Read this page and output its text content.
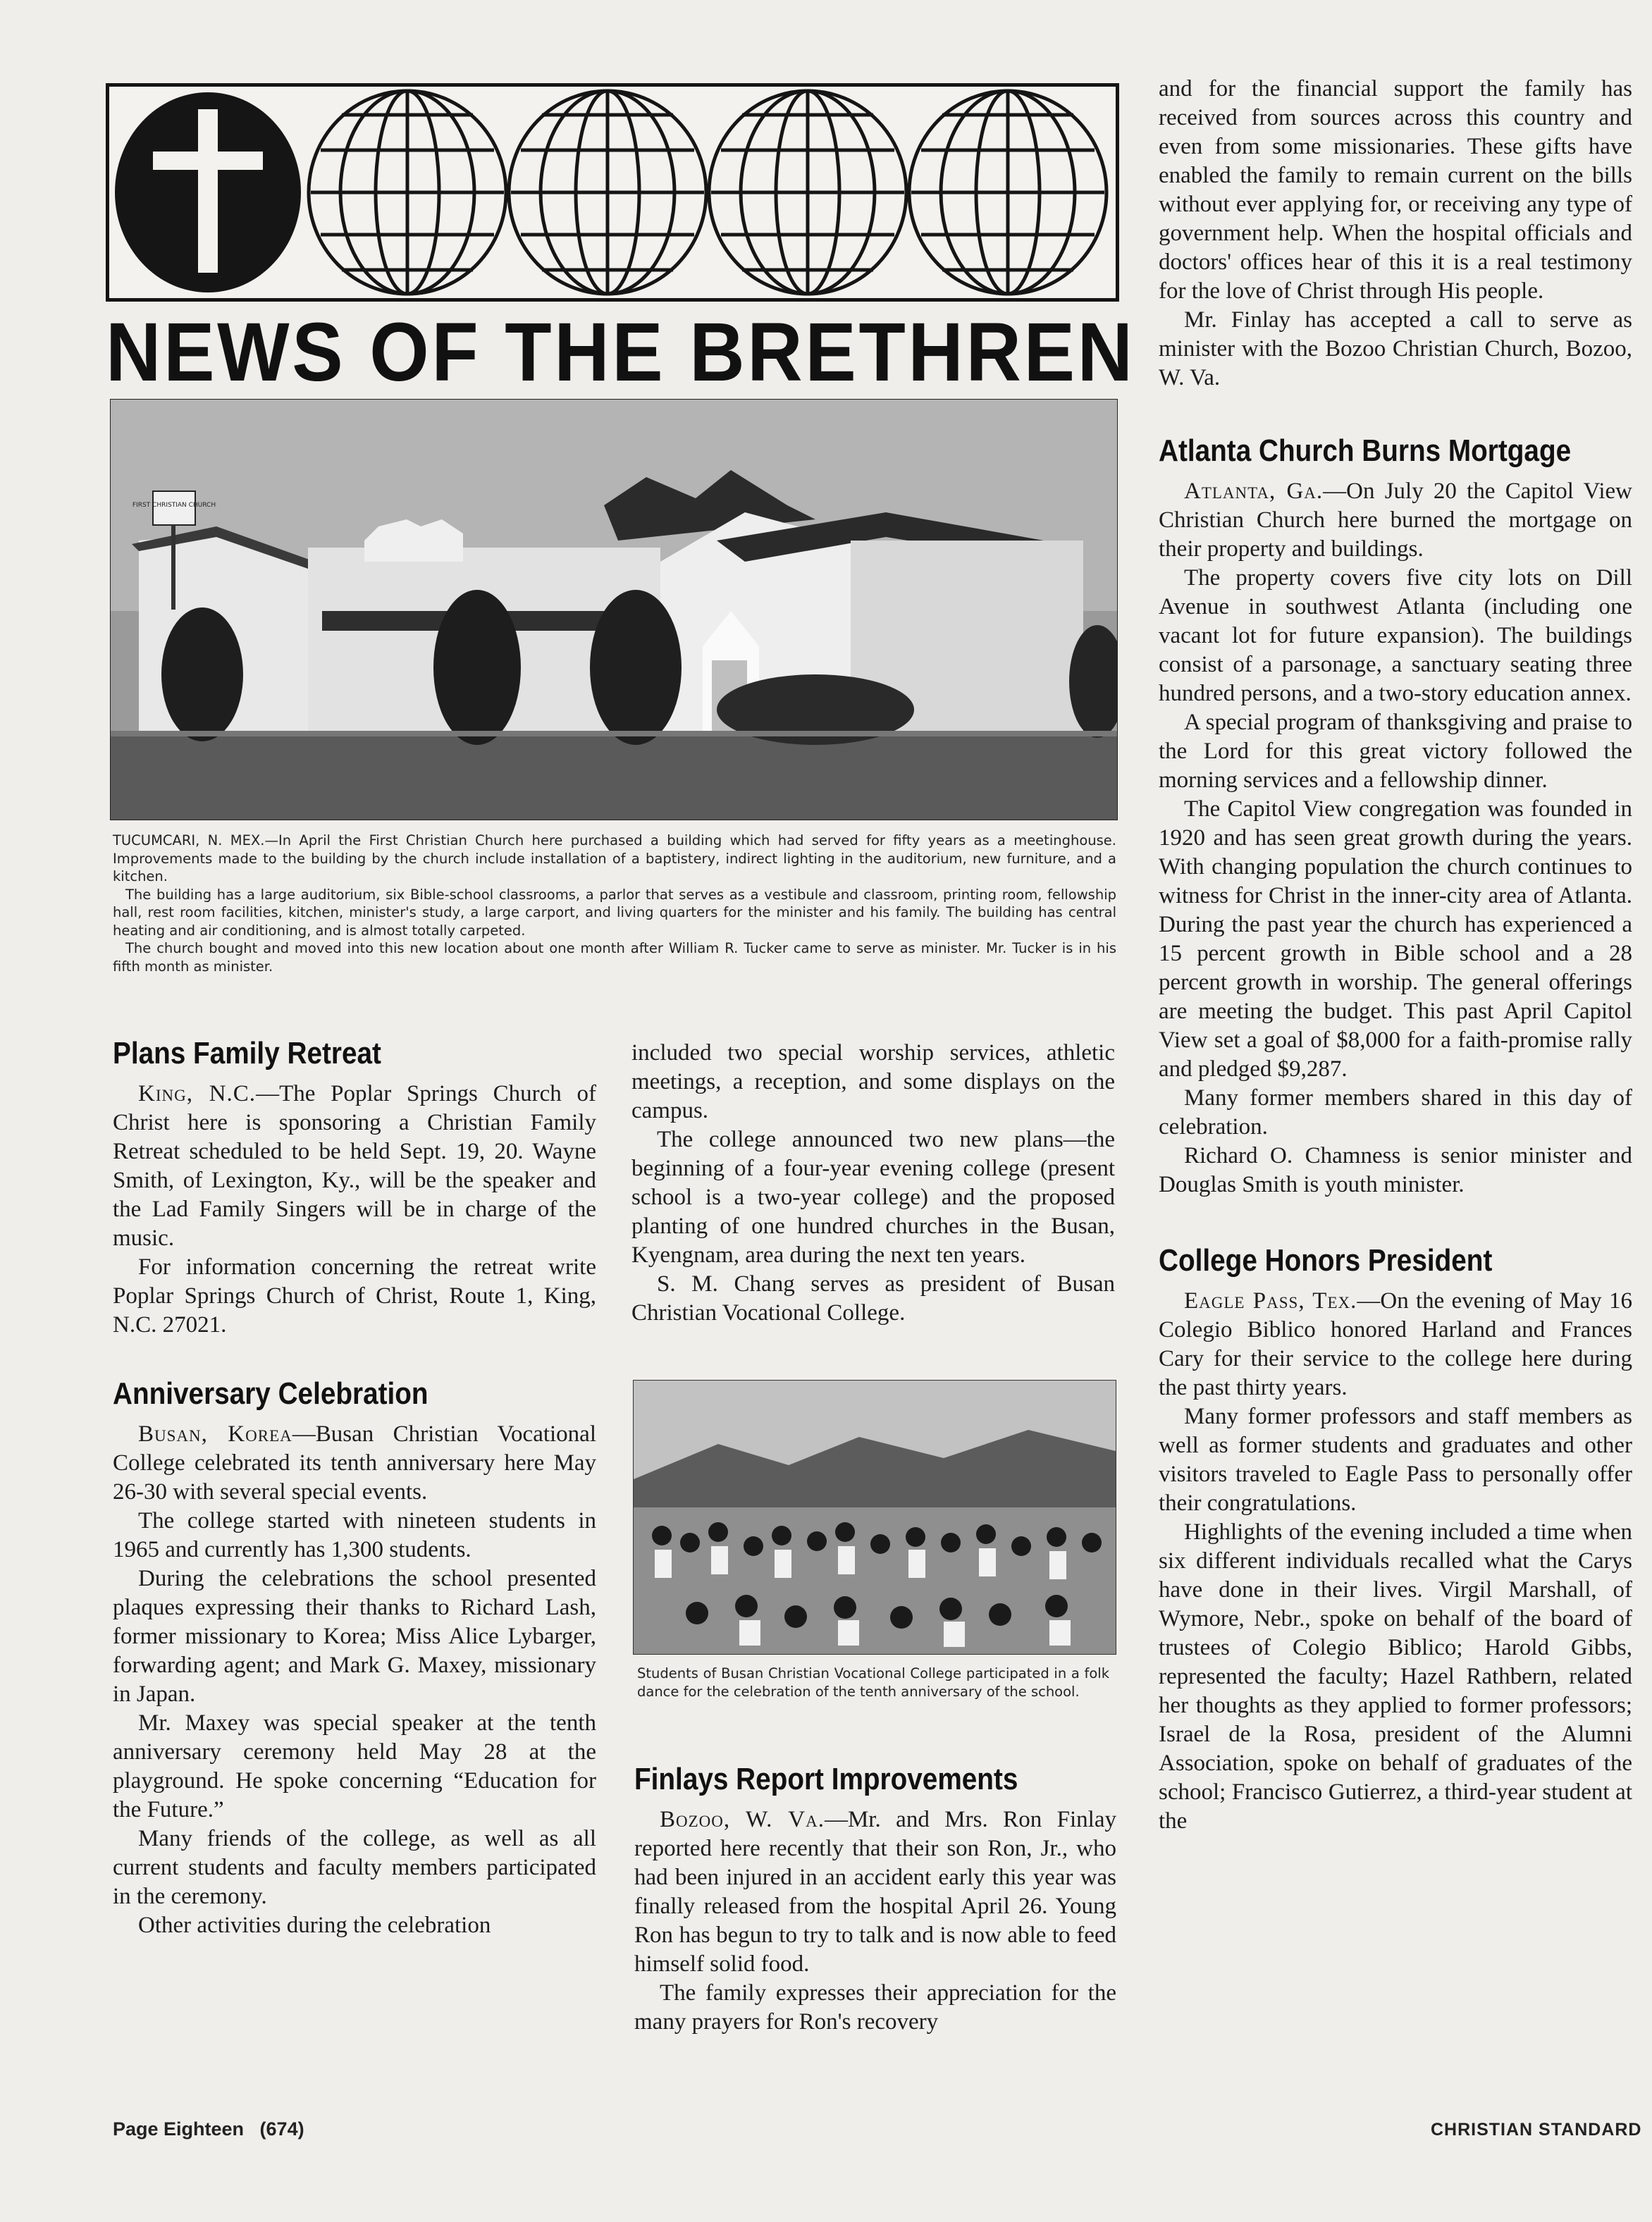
NEWS OF THE BRETHREN
FIRST CHRISTIAN CHURCH

TUCUMCARI, N. MEX.—In April the First Christian Church here purchased a building which had served for fifty years as a meetinghouse. Improvements made to the building by the church include installation of a baptistery, indirect lighting in the auditorium, new furniture, and a kitchen.

The building has a large auditorium, six Bible-school classrooms, a parlor that serves as a vestibule and classroom, printing room, fellowship hall, rest room facilities, kitchen, minister's study, a large carport, and living quarters for the minister and his family. The building has central heating and air conditioning, and is almost totally carpeted.

The church bought and moved into this new location about one month after William R. Tucker came to serve as minister. Mr. Tucker is in his fifth month as minister.

Plans Family Retreat

King, N.C.—The Poplar Springs Church of Christ here is sponsoring a Christian Family Retreat scheduled to be held Sept. 19, 20. Wayne Smith, of Lexington, Ky., will be the speaker and the Lad Family Singers will be in charge of the music.

For information concerning the retreat write Poplar Springs Church of Christ, Route 1, King, N.C. 27021.

Anniversary Celebration

Busan, Korea—Busan Christian Vocational College celebrated its tenth anniversary here May 26-30 with several special events.

The college started with nineteen students in 1965 and currently has 1,300 students.

During the celebrations the school presented plaques expressing their thanks to Richard Lash, former missionary to Korea; Miss Alice Lybarger, forwarding agent; and Mark G. Maxey, missionary in Japan.

Mr. Maxey was special speaker at the tenth anniversary ceremony held May 28 at the playground. He spoke concerning “Education for the Future.”

Many friends of the college, as well as all current students and faculty members participated in the ceremony.

Other activities during the celebration

included two special worship services, athletic meetings, a reception, and some displays on the campus.

The college announced two new plans—the beginning of a four-year evening college (present school is a two-year college) and the proposed planting of one hundred churches in the Busan, Kyengnam, area during the next ten years.

S. M. Chang serves as president of Busan Christian Vocational College.

Students of Busan Christian Vocational College participated in a folk dance for the celebration of the tenth anniversary of the school.
Finlays Report Improvements

Bozoo, W. Va.—Mr. and Mrs. Ron Finlay reported here recently that their son Ron, Jr., who had been injured in an accident early this year was finally released from the hospital April 26. Young Ron has begun to try to talk and is now able to feed himself solid food.

The family expresses their appreciation for the many prayers for Ron's recovery

and for the financial support the family has received from sources across this country and even from some missionaries. These gifts have enabled the family to remain current on the bills without ever applying for, or receiving any type of government help. When the hospital officials and doctors' offices hear of this it is a real testimony for the love of Christ through His people.

Mr. Finlay has accepted a call to serve as minister with the Bozoo Christian Church, Bozoo, W. Va.

Atlanta Church Burns Mortgage

Atlanta, Ga.—On July 20 the Capitol View Christian Church here burned the mortgage on their property and buildings.

The property covers five city lots on Dill Avenue in southwest Atlanta (including one vacant lot for future expansion). The buildings consist of a parsonage, a sanctuary seating three hundred persons, and a two-story education annex.

A special program of thanksgiving and praise to the Lord for this great victory followed the morning services and a fellowship dinner.

The Capitol View congregation was founded in 1920 and has seen great growth during the years. With changing population the church continues to witness for Christ in the inner-city area of Atlanta. During the past year the church has experienced a 15 percent growth in Bible school and a 28 percent growth in worship. The general offerings are meeting the budget. This past April Capitol View set a goal of $8,000 for a faith-promise rally and pledged $9,287.

Many former members shared in this day of celebration.

Richard O. Chamness is senior minister and Douglas Smith is youth minister.

College Honors President

Eagle Pass, Tex.—On the evening of May 16 Colegio Biblico honored Harland and Frances Cary for their service to the college here during the past thirty years.

Many former professors and staff members as well as former students and graduates and other visitors traveled to Eagle Pass to personally offer their congratulations.

Highlights of the evening included a time when six different individuals recalled what the Carys have done in their lives. Virgil Marshall, of Wymore, Nebr., spoke on behalf of the board of trustees of Colegio Biblico; Harold Gibbs, represented the faculty; Hazel Rathbern, related her thoughts as they applied to former professors; Israel de la Rosa, president of the Alumni Association, spoke on behalf of graduates of the school; Francisco Gutierrez, a third-year student at the

Page Eighteen   (674)	CHRISTIAN STANDARD
